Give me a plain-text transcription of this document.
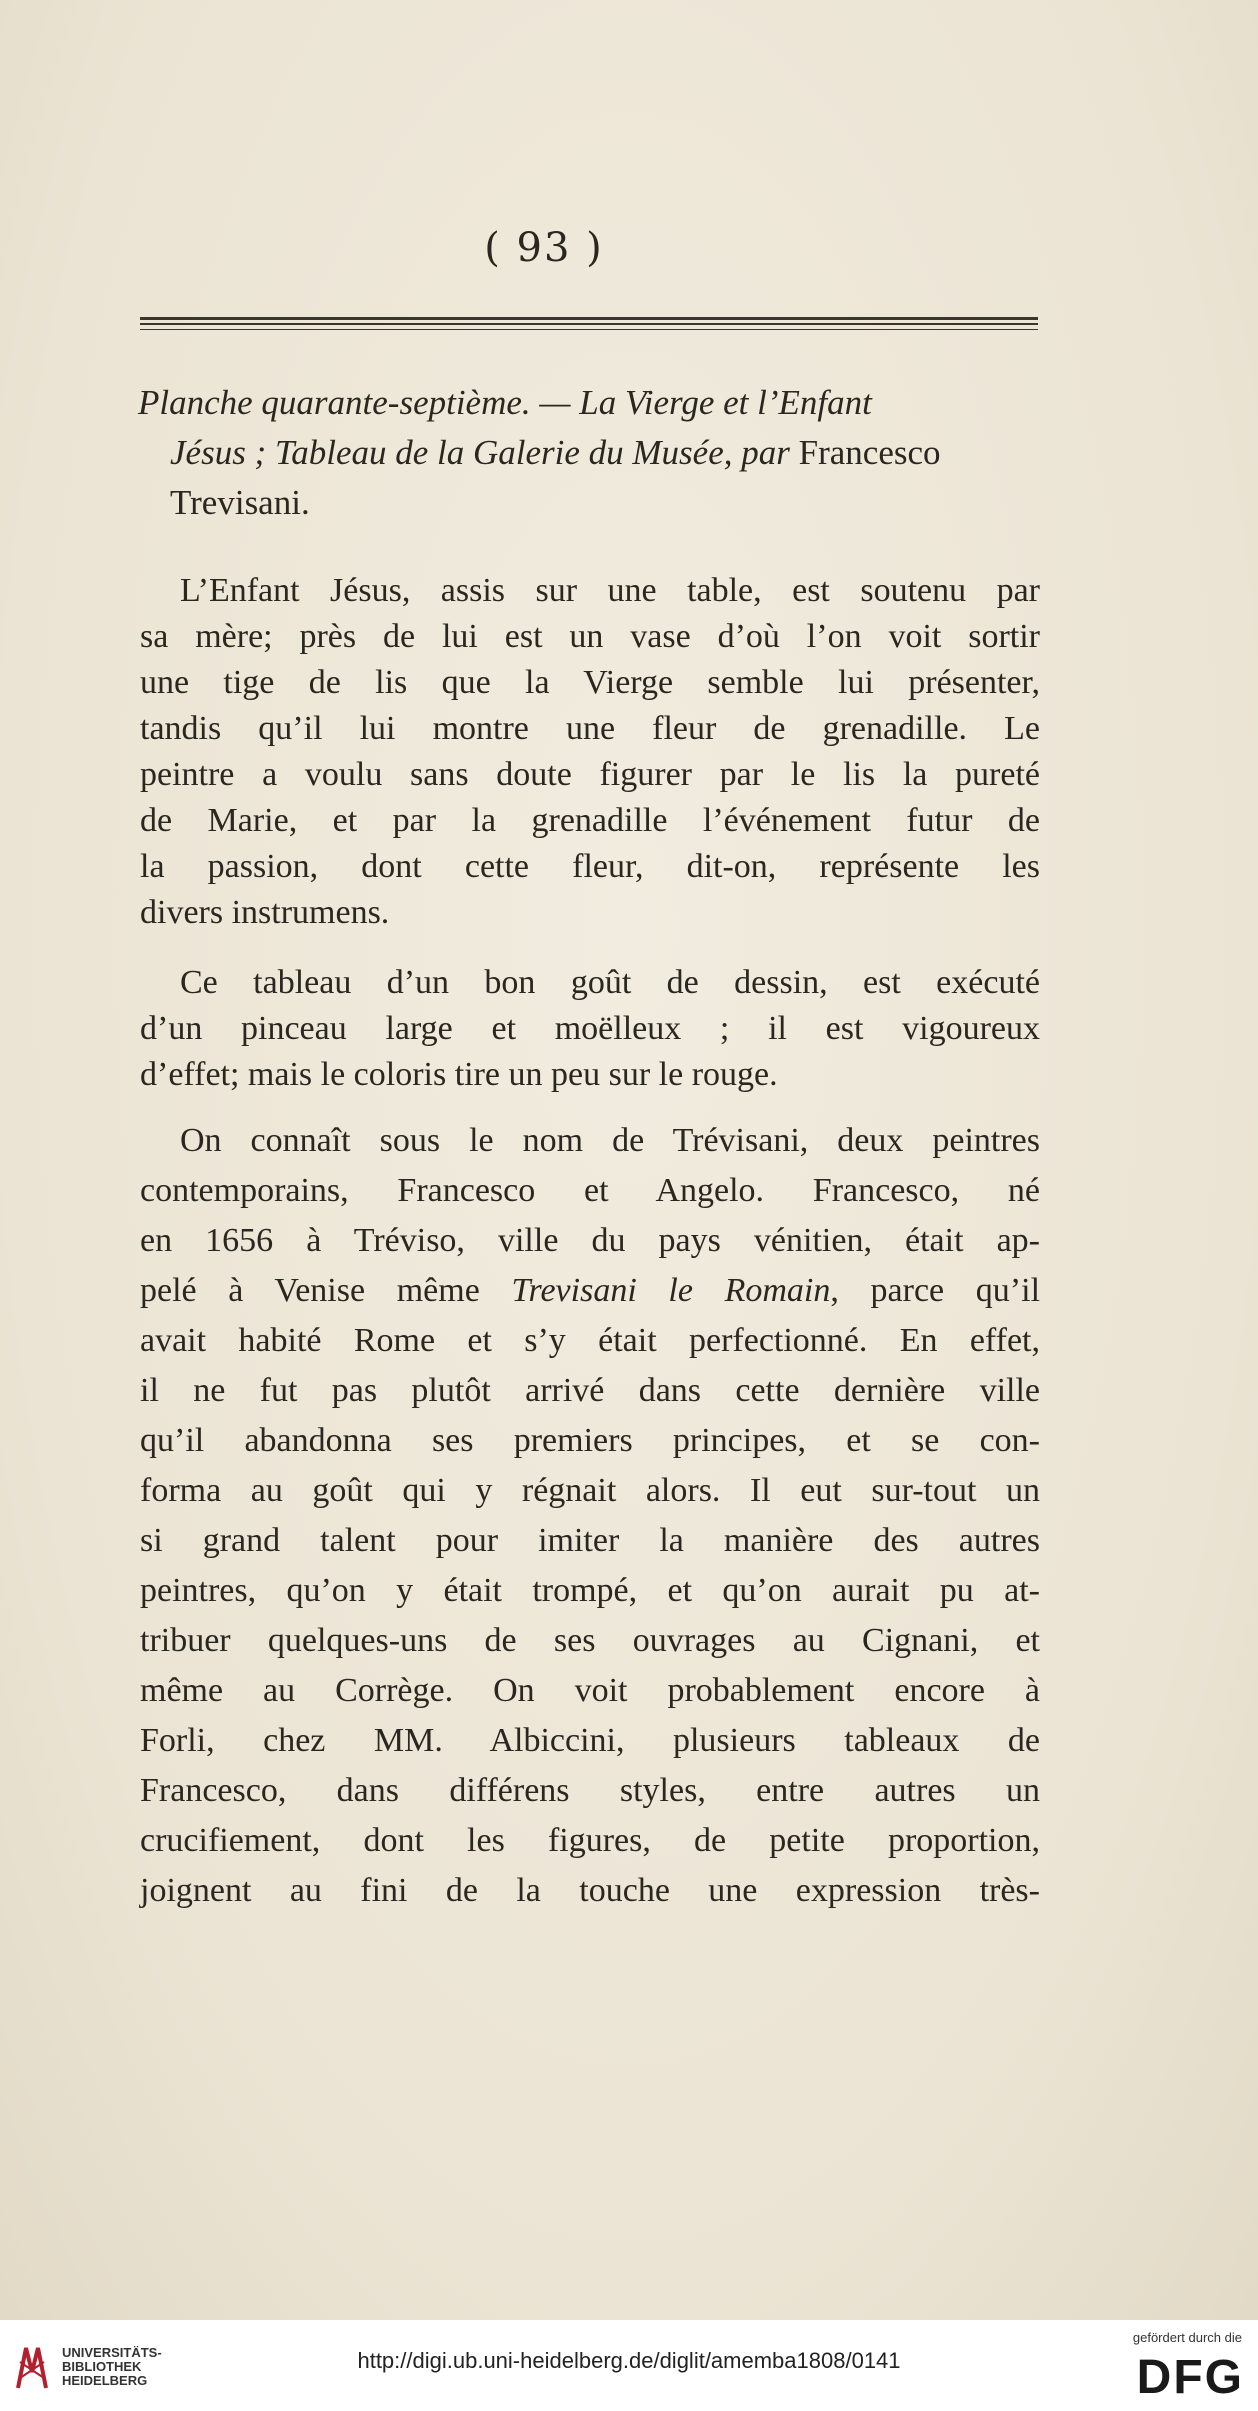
( 93 )

Planche quarante-septième. — La Vierge et l’Enfant

Jésus ; Tableau de la Galerie du Musée, par Francesco

Trevisani.

L’Enfant Jésus, assis sur une table, est soutenu par

sa mère; près de lui est un vase d’où l’on voit sortir

une tige de lis que la Vierge semble lui présenter,

tandis qu’il lui montre une fleur de grenadille. Le

peintre a voulu sans doute figurer par le lis la pureté

de Marie, et par la grenadille l’événement futur de

la passion, dont cette fleur, dit-on, représente les

divers instrumens.

Ce tableau d’un bon goût de dessin, est exécuté

d’un pinceau large et moëlleux ; il est vigoureux

d’effet; mais le coloris tire un peu sur le rouge.

On connaît sous le nom de Trévisani, deux peintres

contemporains, Francesco et Angelo. Francesco, né

en 1656 à Tréviso, ville du pays vénitien, était ap-

pelé à Venise même Trevisani le Romain, parce qu’il

avait habité Rome et s’y était perfectionné. En effet,

il ne fut pas plutôt arrivé dans cette dernière ville

qu’il abandonna ses premiers principes, et se con-

forma au goût qui y régnait alors. Il eut sur-tout un

si grand talent pour imiter la manière des autres

peintres, qu’on y était trompé, et qu’on aurait pu at-

tribuer quelques-uns de ses ouvrages au Cignani, et

même au Corrège. On voit probablement encore à

Forli, chez MM. Albiccini, plusieurs tableaux de

Francesco, dans différens styles, entre autres un

crucifiement, dont les figures, de petite proportion,

joignent au fini de la touche une expression très-

UNIVERSITÄTS-
BIBLIOTHEK
HEIDELBERG
http://digi.ub.uni-heidelberg.de/diglit/amemba1808/0141
gefördert durch die
DFG
